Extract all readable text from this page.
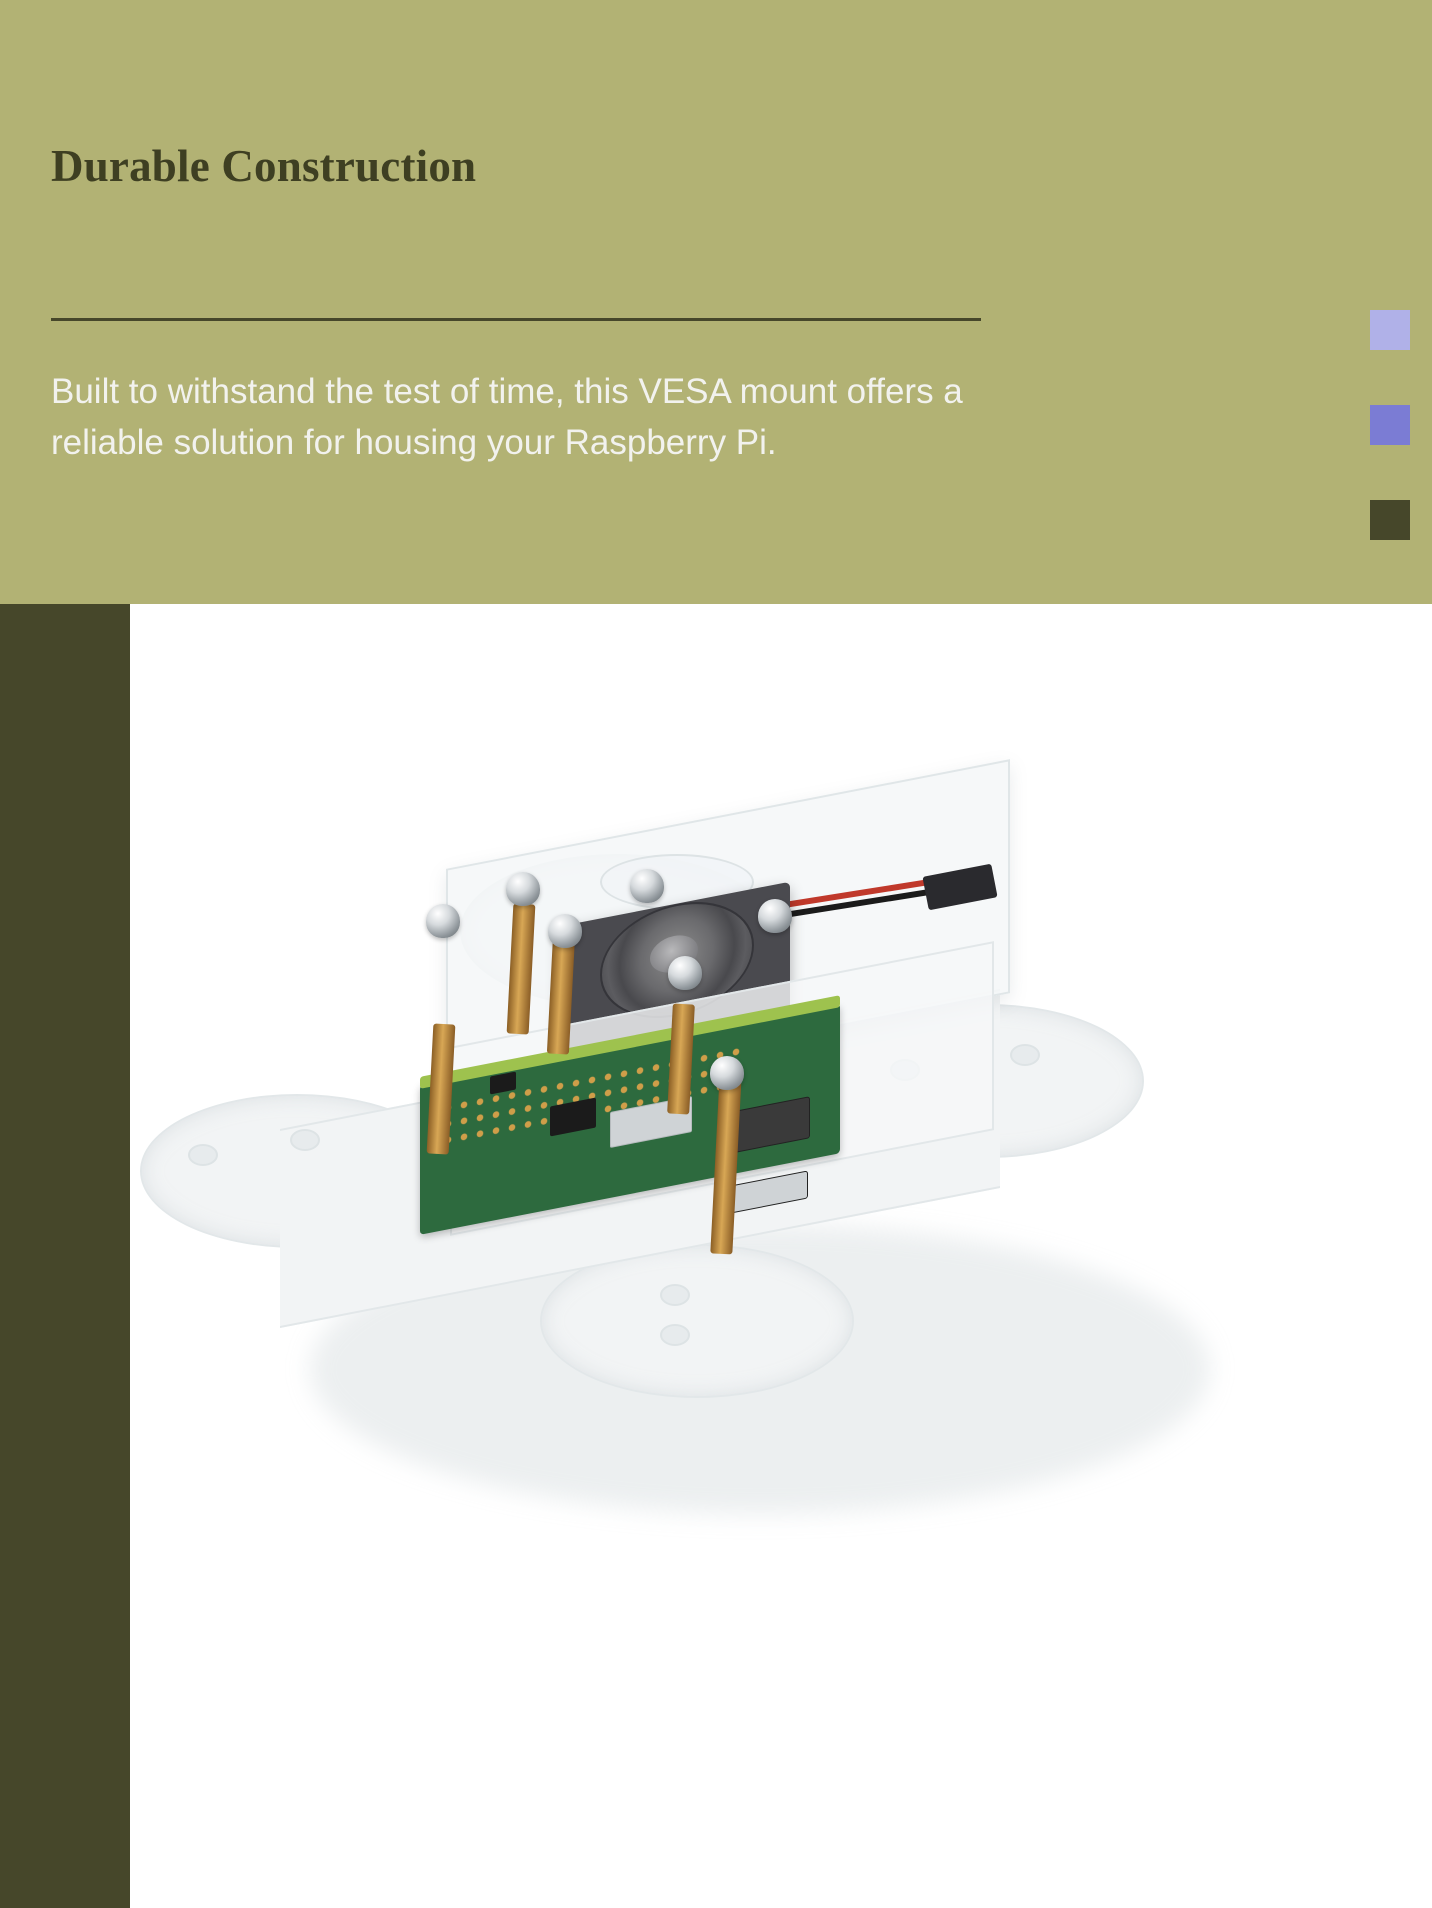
Durable Construction
Built to withstand the test of time, this VESA mount offers a reliable solution for housing your Raspberry Pi.
